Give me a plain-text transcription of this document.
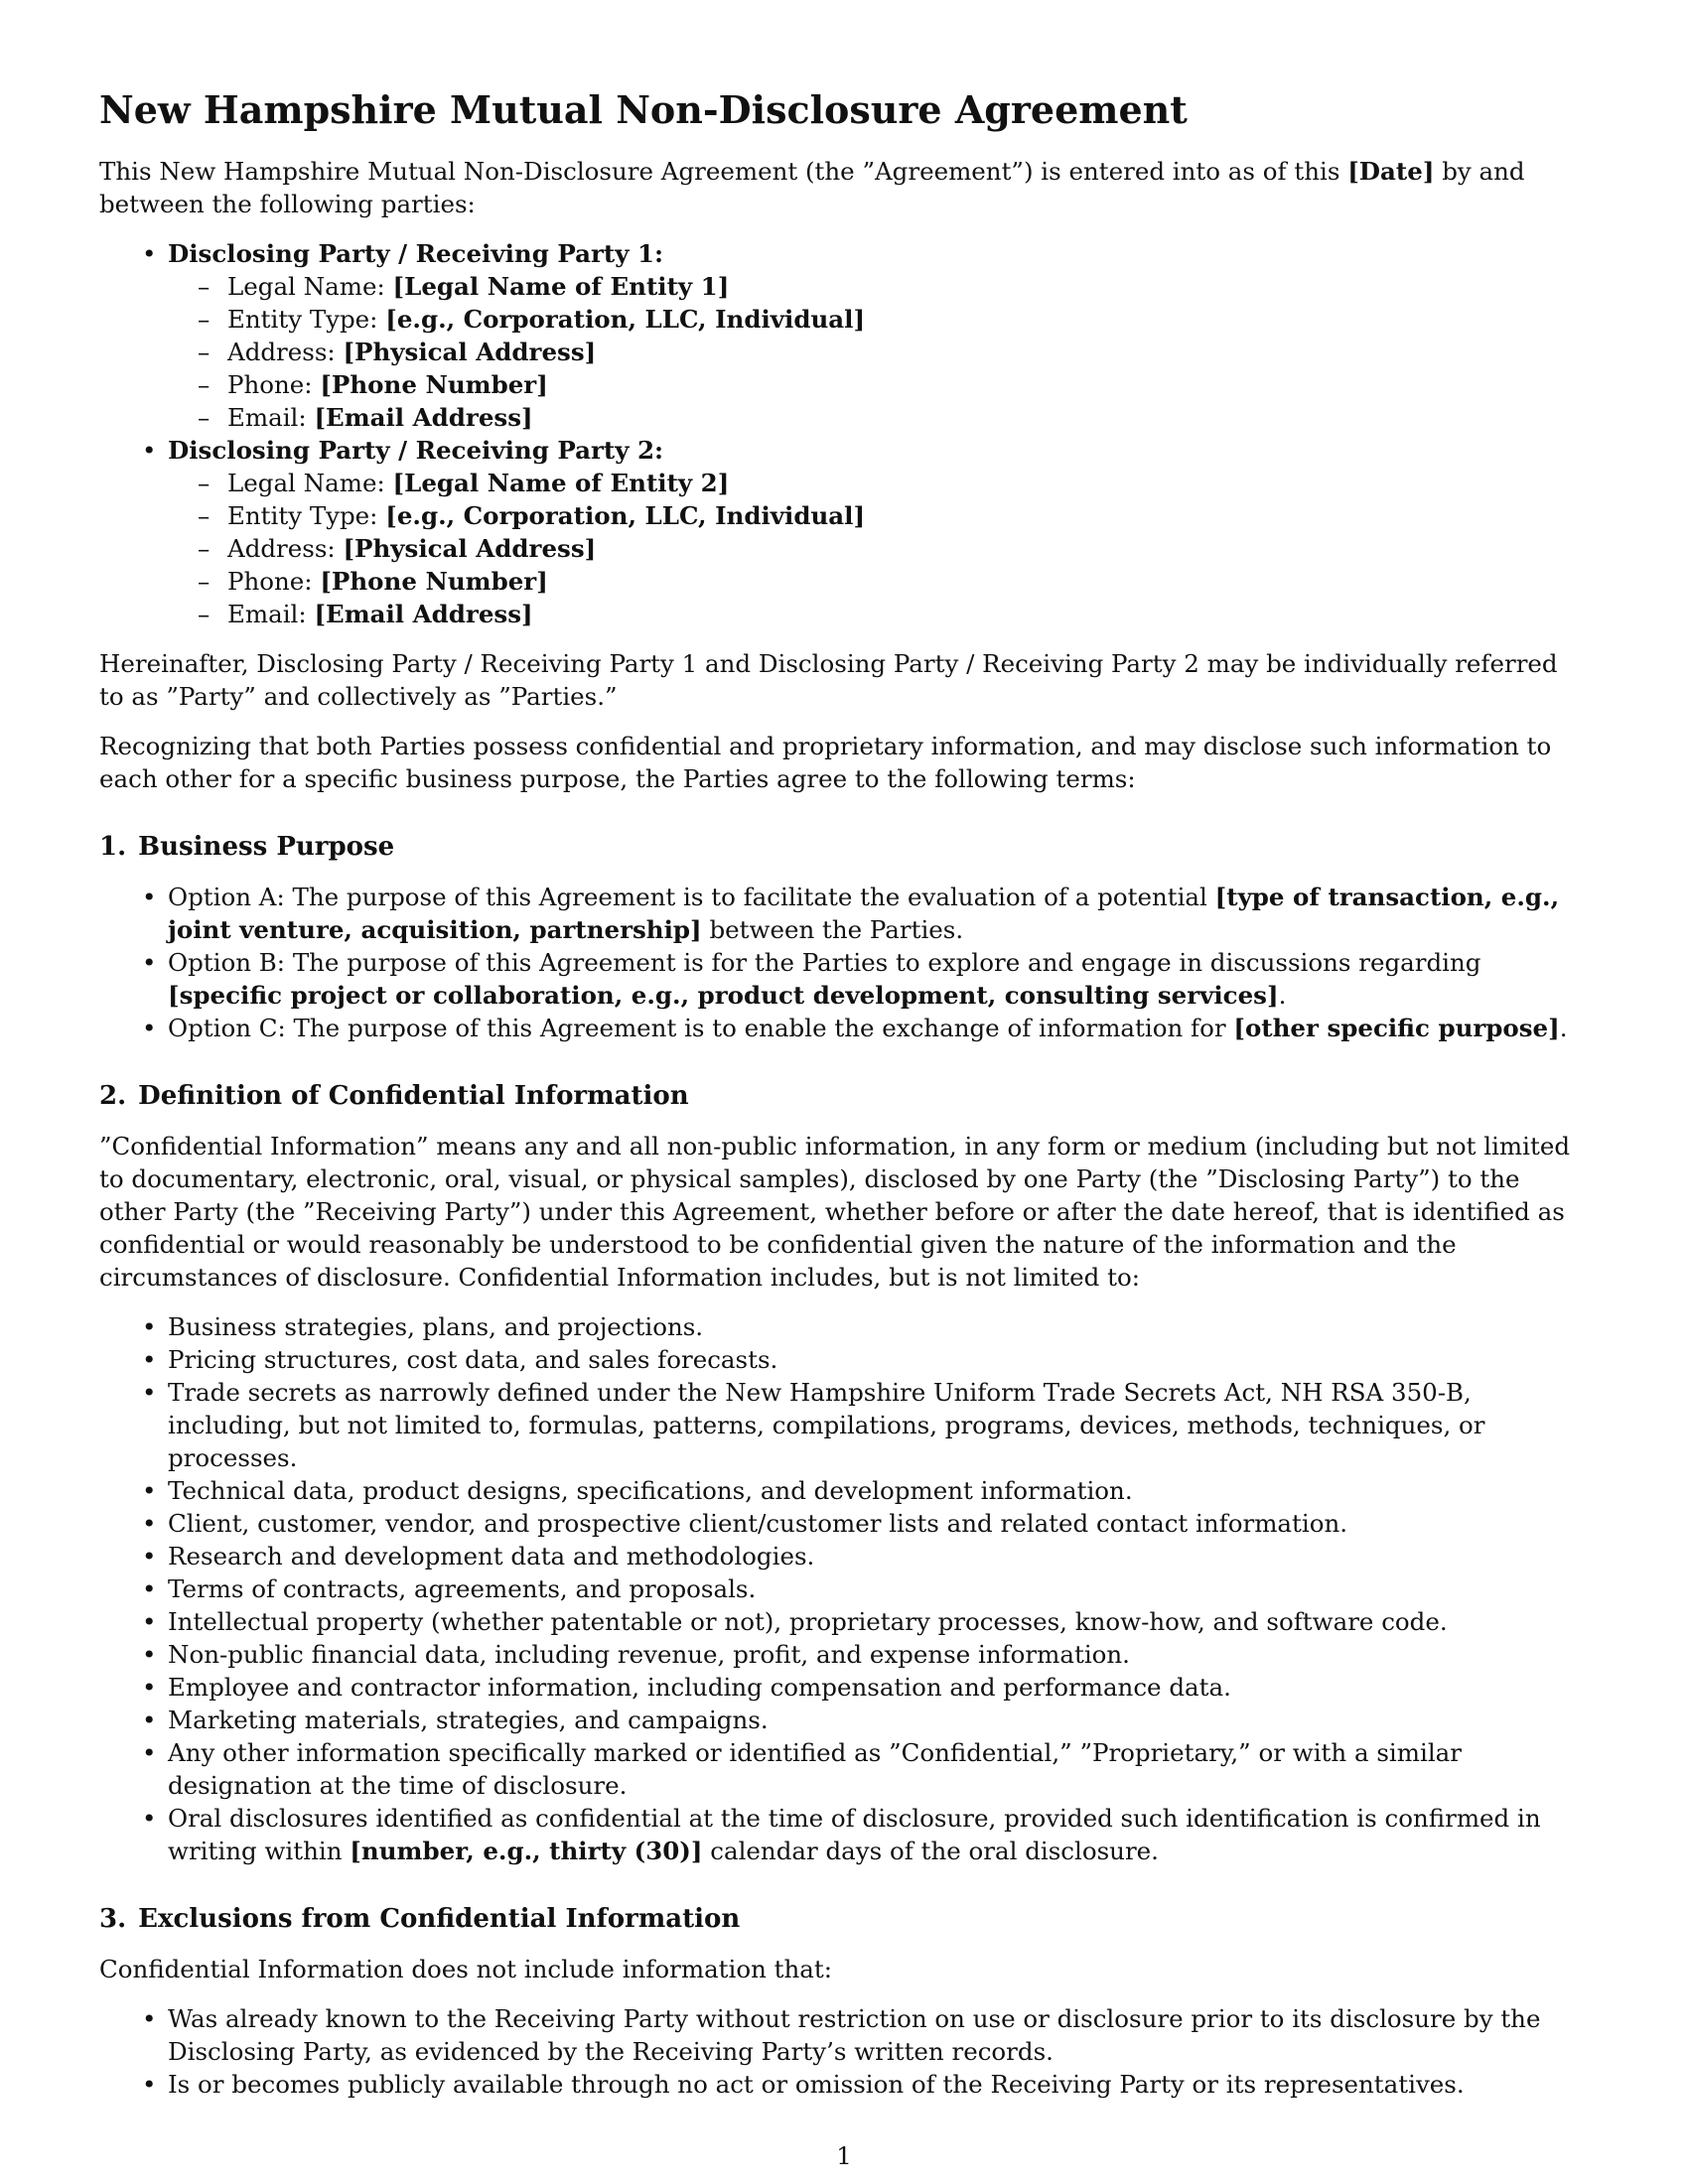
New Hampshire Mutual Non-Disclosure Agreement

This New Hampshire Mutual Non-Disclosure Agreement (the ”Agreement”) is entered into as of this [Date] by and between the following parties:

• Disclosing Party / Receiving Party 1:
– Legal Name: [Legal Name of Entity 1]
– Entity Type: [e.g., Corporation, LLC, Individual]
– Address: [Physical Address]
– Phone: [Phone Number]
– Email: [Email Address]
• Disclosing Party / Receiving Party 2:
– Legal Name: [Legal Name of Entity 2]
– Entity Type: [e.g., Corporation, LLC, Individual]
– Address: [Physical Address]
– Phone: [Phone Number]
– Email: [Email Address]

Hereinafter, Disclosing Party / Receiving Party 1 and Disclosing Party / Receiving Party 2 may be individually referred to as ”Party” and collectively as ”Parties.”

Recognizing that both Parties possess confidential and proprietary information, and may disclose such information to each other for a specific business purpose, the Parties agree to the following terms:

1. Business Purpose
• Option A: The purpose of this Agreement is to facilitate the evaluation of a potential [type of transaction, e.g., joint venture, acquisition, partnership] between the Parties.
• Option B: The purpose of this Agreement is for the Parties to explore and engage in discussions regarding [specific project or collaboration, e.g., product development, consulting services].
• Option C: The purpose of this Agreement is to enable the exchange of information for [other specific purpose].
2. Definition of Confidential Information

”Confidential Information” means any and all non-public information, in any form or medium (including but not limited to documentary, electronic, oral, visual, or physical samples), disclosed by one Party (the ”Disclosing Party”) to the other Party (the ”Receiving Party”) under this Agreement, whether before or after the date hereof, that is identified as confidential or would reasonably be understood to be confidential given the nature of the information and the circumstances of disclosure. Confidential Information includes, but is not limited to:

• Business strategies, plans, and projections.
• Pricing structures, cost data, and sales forecasts.
• Trade secrets as narrowly defined under the New Hampshire Uniform Trade Secrets Act, NH RSA 350-B, including, but not limited to, formulas, patterns, compilations, programs, devices, methods, techniques, or processes.
• Technical data, product designs, specifications, and development information.
• Client, customer, vendor, and prospective client/customer lists and related contact information.
• Research and development data and methodologies.
• Terms of contracts, agreements, and proposals.
• Intellectual property (whether patentable or not), proprietary processes, know-how, and software code.
• Non-public financial data, including revenue, profit, and expense information.
• Employee and contractor information, including compensation and performance data.
• Marketing materials, strategies, and campaigns.
• Any other information specifically marked or identified as ”Confidential,” ”Proprietary,” or with a similar designation at the time of disclosure.
• Oral disclosures identified as confidential at the time of disclosure, provided such identification is confirmed in writing within [number, e.g., thirty (30)] calendar days of the oral disclosure.
3. Exclusions from Confidential Information

Confidential Information does not include information that:

• Was already known to the Receiving Party without restriction on use or disclosure prior to its disclosure by the Disclosing Party, as evidenced by the Receiving Party’s written records.
• Is or becomes publicly available through no act or omission of the Receiving Party or its representatives.
1
